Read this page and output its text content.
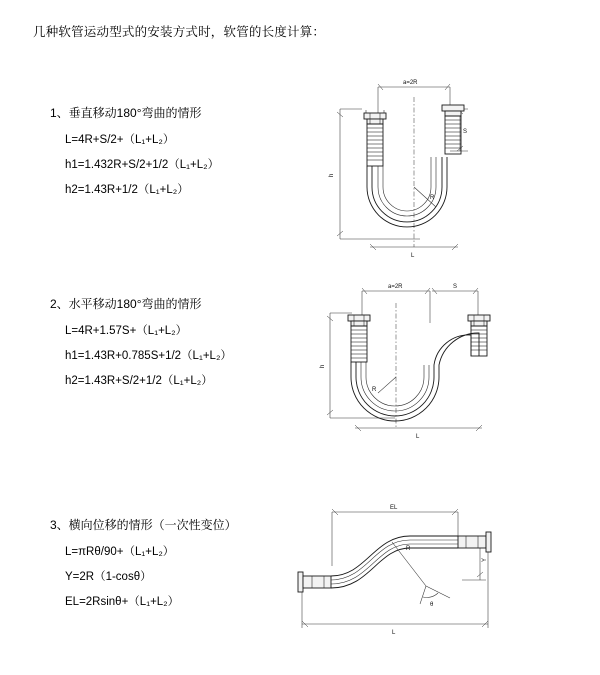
几种软管运动型式的安装方式时，软管的长度计算：
1、垂直移动180°弯曲的情形
L=4R+S/2+（L₁+L₂）
h1=1.432R+S/2+1/2（L₁+L₂）
h2=1.43R+1/2（L₁+L₂）
a=2R
S
h
R
L
2、水平移动180°弯曲的情形
L=4R+1.57S+（L₁+L₂）
h1=1.43R+0.785S+1/2（L₁+L₂）
h2=1.43R+S/2+1/2（L₁+L₂）
a=2R	S
h
R
L
3、横向位移的情形（一次性变位）
L=πRθ/90+（L₁+L₂）
Y=2R（1-cosθ）
EL=2Rsinθ+（L₁+L₂）
EL
Y
R
θ
L
